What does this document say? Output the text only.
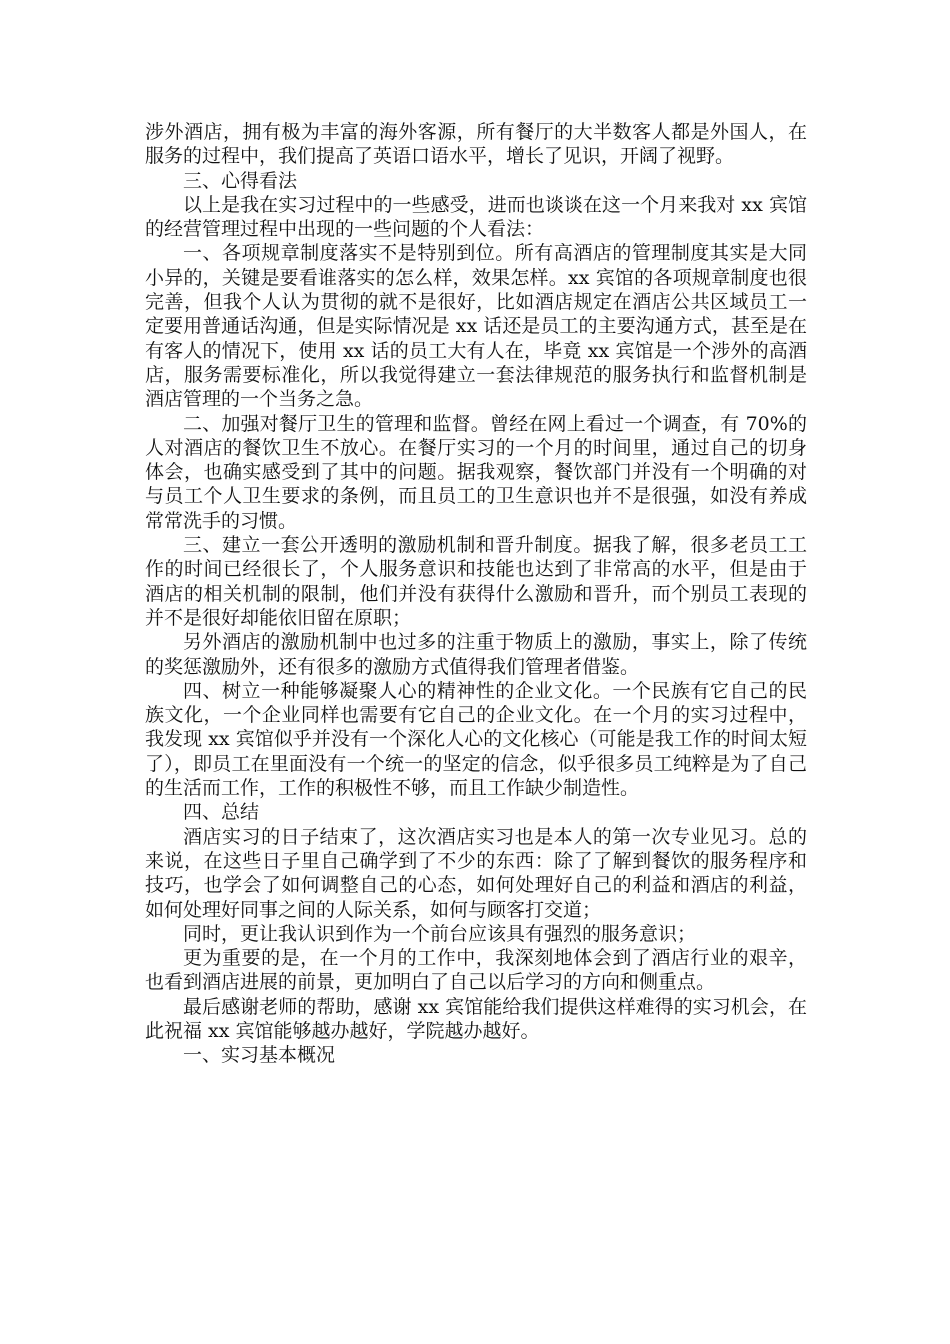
涉外酒店，拥有极为丰富的海外客源，所有餐厅的大半数客人都是外国人，在服务的过程中，我们提高了英语口语水平，增长了见识，开阔了视野。

三、心得看法

以上是我在实习过程中的一些感受，进而也谈谈在这一个月来我对 xx 宾馆的经营管理过程中出现的一些问题的个人看法：

一、各项规章制度落实不是特别到位。所有高酒店的管理制度其实是大同小异的，关键是要看谁落实的怎么样，效果怎样。xx 宾馆的各项规章制度也很完善，但我个人认为贯彻的就不是很好，比如酒店规定在酒店公共区域员工一定要用普通话沟通，但是实际情况是 xx 话还是员工的主要沟通方式，甚至是在有客人的情况下，使用 xx 话的员工大有人在，毕竟 xx 宾馆是一个涉外的高酒店，服务需要标准化，所以我觉得建立一套法律规范的服务执行和监督机制是酒店管理的一个当务之急。

二、加强对餐厅卫生的管理和监督。曾经在网上看过一个调查，有 70%的人对酒店的餐饮卫生不放心。在餐厅实习的一个月的时间里，通过自己的切身体会，也确实感受到了其中的问题。据我观察，餐饮部门并没有一个明确的对与员工个人卫生要求的条例，而且员工的卫生意识也并不是很强，如没有养成常常洗手的习惯。

三、建立一套公开透明的激励机制和晋升制度。据我了解，很多老员工工作的时间已经很长了，个人服务意识和技能也达到了非常高的水平，但是由于酒店的相关机制的限制，他们并没有获得什么激励和晋升，而个别员工表现的并不是很好却能依旧留在原职；

另外酒店的激励机制中也过多的注重于物质上的激励，事实上，除了传统的奖惩激励外，还有很多的激励方式值得我们管理者借鉴。

四、树立一种能够凝聚人心的精神性的企业文化。一个民族有它自己的民族文化，一个企业同样也需要有它自己的企业文化。在一个月的实习过程中，我发现 xx 宾馆似乎并没有一个深化人心的文化核心（可能是我工作的时间太短了），即员工在里面没有一个统一的坚定的信念，似乎很多员工纯粹是为了自己的生活而工作，工作的积极性不够，而且工作缺少制造性。

四、总结

酒店实习的日子结束了，这次酒店实习也是本人的第一次专业见习。总的来说，在这些日子里自己确学到了不少的东西：除了了解到餐饮的服务程序和技巧，也学会了如何调整自己的心态，如何处理好自己的利益和酒店的利益，如何处理好同事之间的人际关系，如何与顾客打交道；

同时，更让我认识到作为一个前台应该具有强烈的服务意识；

更为重要的是，在一个月的工作中，我深刻地体会到了酒店行业的艰辛，也看到酒店进展的前景，更加明白了自己以后学习的方向和侧重点。

最后感谢老师的帮助，感谢 xx 宾馆能给我们提供这样难得的实习机会，在此祝福 xx 宾馆能够越办越好，学院越办越好。

一、实习基本概况
